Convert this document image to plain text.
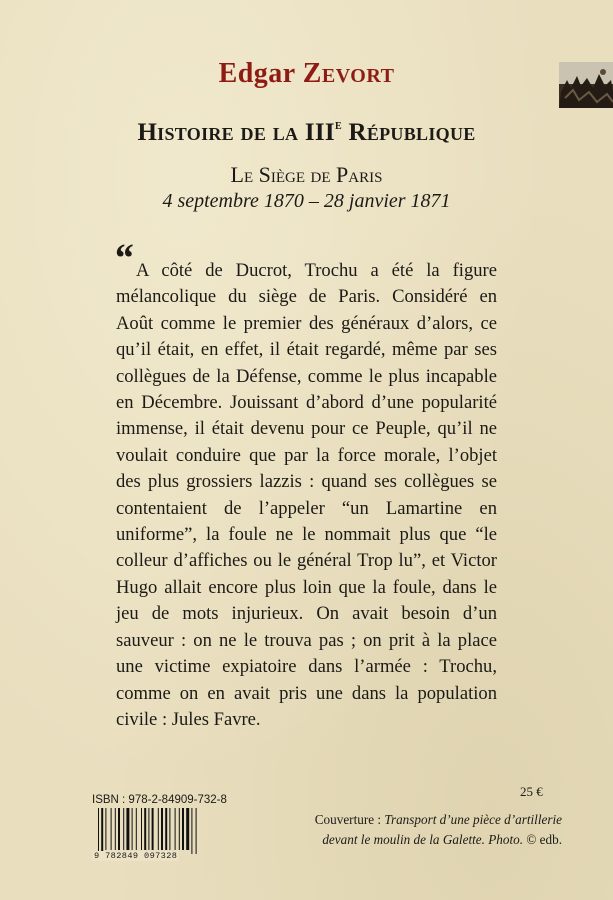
Edgar Zevort
Histoire de la IIIe République
Le Siège de Paris
4 septembre 1870 – 28 janvier 1871
“ A côté de Ducrot, Trochu a été la figure
mélancolique du siège de Paris. Considéré en
Août comme le premier des généraux d’alors, ce
qu’il était, en effet, il était regardé, même par ses
collègues de la Défense, comme le plus incapable
en Décembre. Jouissant d’abord d’une popularité
immense, il était devenu pour ce Peuple, qu’il ne
voulait conduire que par la force morale, l’objet
des plus grossiers lazzis : quand ses collègues se
contentaient de l’appeler “un Lamartine en
uniforme”, la foule ne le nommait plus que “le
colleur d’affiches ou le général Trop lu”, et Victor
Hugo allait encore plus loin que la foule, dans le
jeu de mots injurieux. On avait besoin d’un
sauveur : on ne le trouva pas ; on prit à la place
une victime expiatoire dans l’armée : Trochu,
comme on en avait pris une dans la population
civile : Jules Favre.
ISBN : 978-2-84909-732-8
9 782849 097328
25 €
Couverture : Transport d’une pièce d’artillerie
devant le moulin de la Galette. Photo. © edb.
